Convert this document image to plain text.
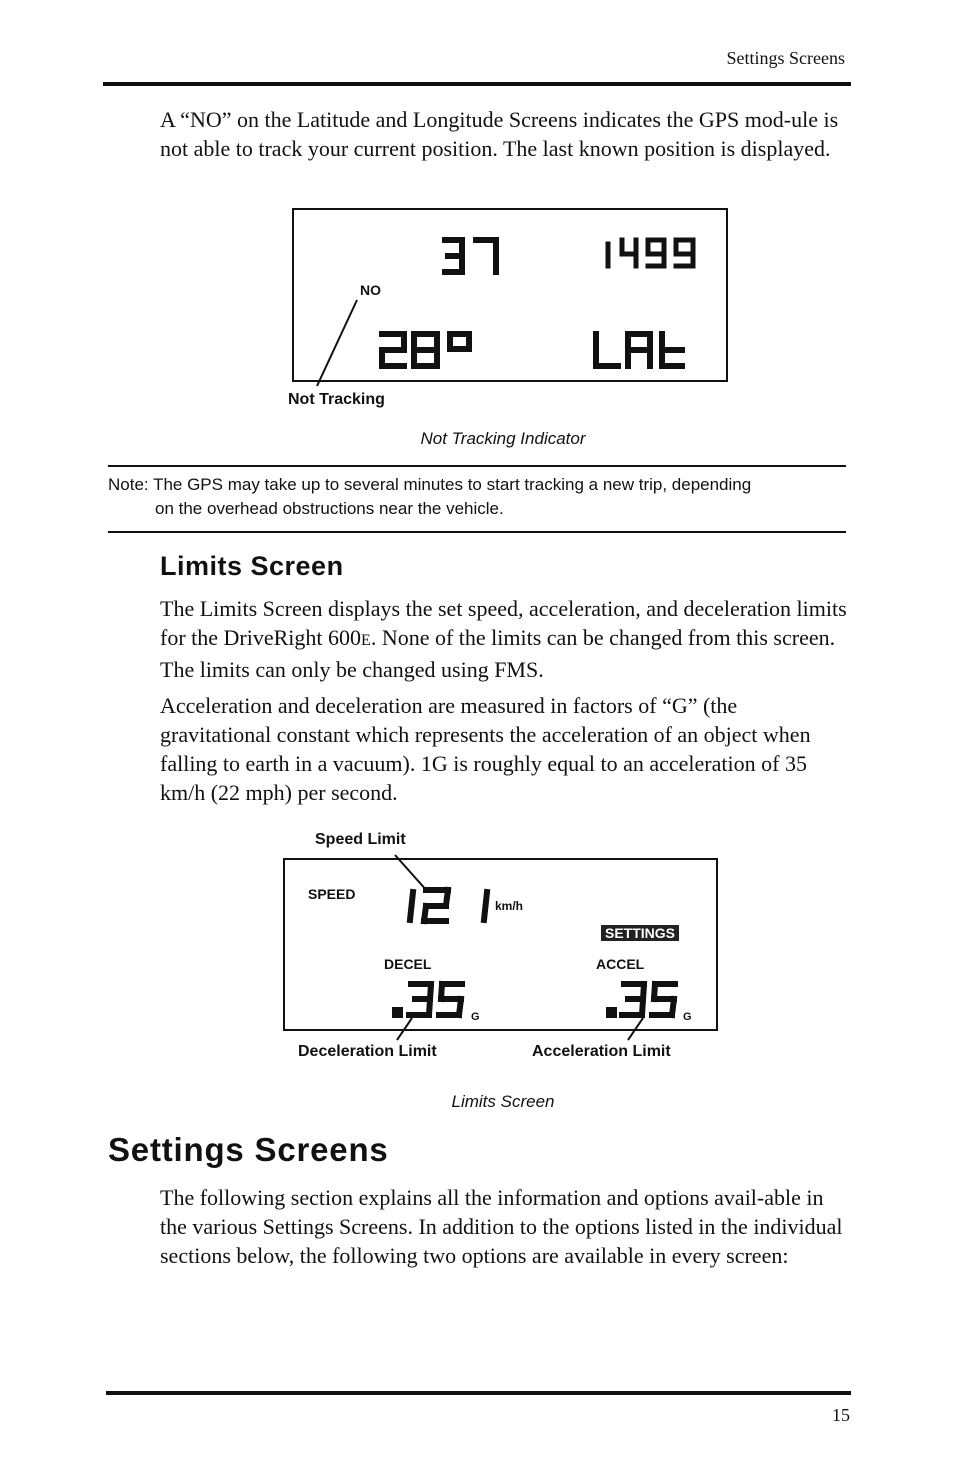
Settings Screens

A “NO” on the Latitude and Longitude Screens indicates the GPS mod-ule is not able to track your current position. The last known position is displayed.

NO
Not Tracking
Not Tracking Indicator
Note: The GPS may take up to several minutes to start tracking a new trip, depending
on the overhead obstructions near the vehicle.
Limits Screen

The Limits Screen displays the set speed, acceleration, and deceleration limits for the DriveRight 600E. None of the limits can be changed from this screen. The limits can only be changed using FMS.

Acceleration and deceleration are measured in factors of “G” (the gravitational constant which represents the acceleration of an object when falling to earth in a vacuum). 1G is roughly equal to an acceleration of 35 km/h (22 mph) per second.

Speed Limit
SPEED
km/h
SETTINGS
DECEL	ACCEL
G	G
Deceleration Limit	Acceleration Limit
Limits Screen
Settings Screens

The following section explains all the information and options avail-able in the various Settings Screens. In addition to the options listed in the individual sections below, the following two options are available in every screen:

15
